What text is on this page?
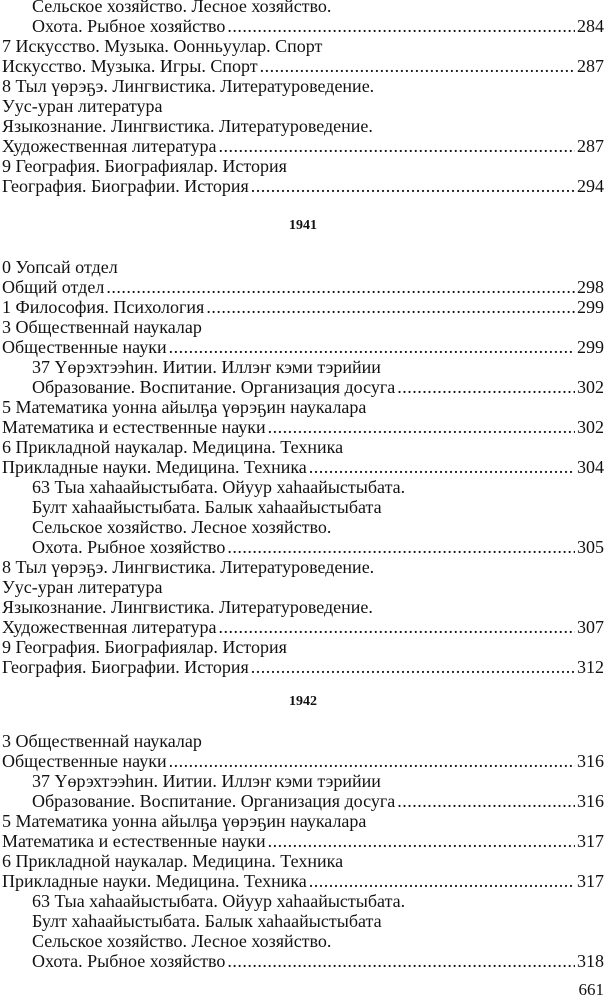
Сельское хозяйство. Лесное хозяйство.
Охота. Рыбное хозяйство .....	284
7 Искусство. Музыка. Оонньуулар. Спорт
Искусство. Музыка. Игры. Спорт .....	287
8 Тыл үөрэҕэ. Лингвистика. Литературоведение.
Уус-уран литература
Языкознание. Лингвистика. Литературоведение.
Художественная литература .....	287
9 География. Биографиялар. История
География. Биографии. История .....	294
1941
0 Уопсай отдел
Общий отдел .....	298
1 Философия. Психология .....	299
3 Общественнай наукалар
Общественные науки .....	299
37 Үөрэхтээһин. Иитии. Иллэҥ кэми тэрийии
Образование. Воспитание. Организация досуга .....	302
5 Математика уонна айылҕа үөрэҕин наукалара
Математика и естественные науки .....	302
6 Прикладной наукалар. Медицина. Техника
Прикладные науки. Медицина. Техника .....	304
63 Тыа хаһаайыстыбата. Ойуур хаһаайыстыбата.
Булт хаһаайыстыбата. Балык хаһаайыстыбата
Сельское хозяйство. Лесное хозяйство.
Охота. Рыбное хозяйство .....	305
8 Тыл үөрэҕэ. Лингвистика. Литературоведение.
Уус-уран литература
Языкознание. Лингвистика. Литературоведение.
Художественная литература .....	307
9 География. Биографиялар. История
География. Биографии. История .....	312
1942
3 Общественнай наукалар
Общественные науки .....	316
37 Үөрэхтээһин. Иитии. Иллэҥ кэми тэрийии
Образование. Воспитание. Организация досуга .....	316
5 Математика уонна айылҕа үөрэҕин наукалара
Математика и естественные науки .....	317
6 Прикладной наукалар. Медицина. Техника
Прикладные науки. Медицина. Техника .....	317
63 Тыа хаһаайыстыбата. Ойуур хаһаайыстыбата.
Булт хаһаайыстыбата. Балык хаһаайыстыбата
Сельское хозяйство. Лесное хозяйство.
Охота. Рыбное хозяйство .....	318
661
